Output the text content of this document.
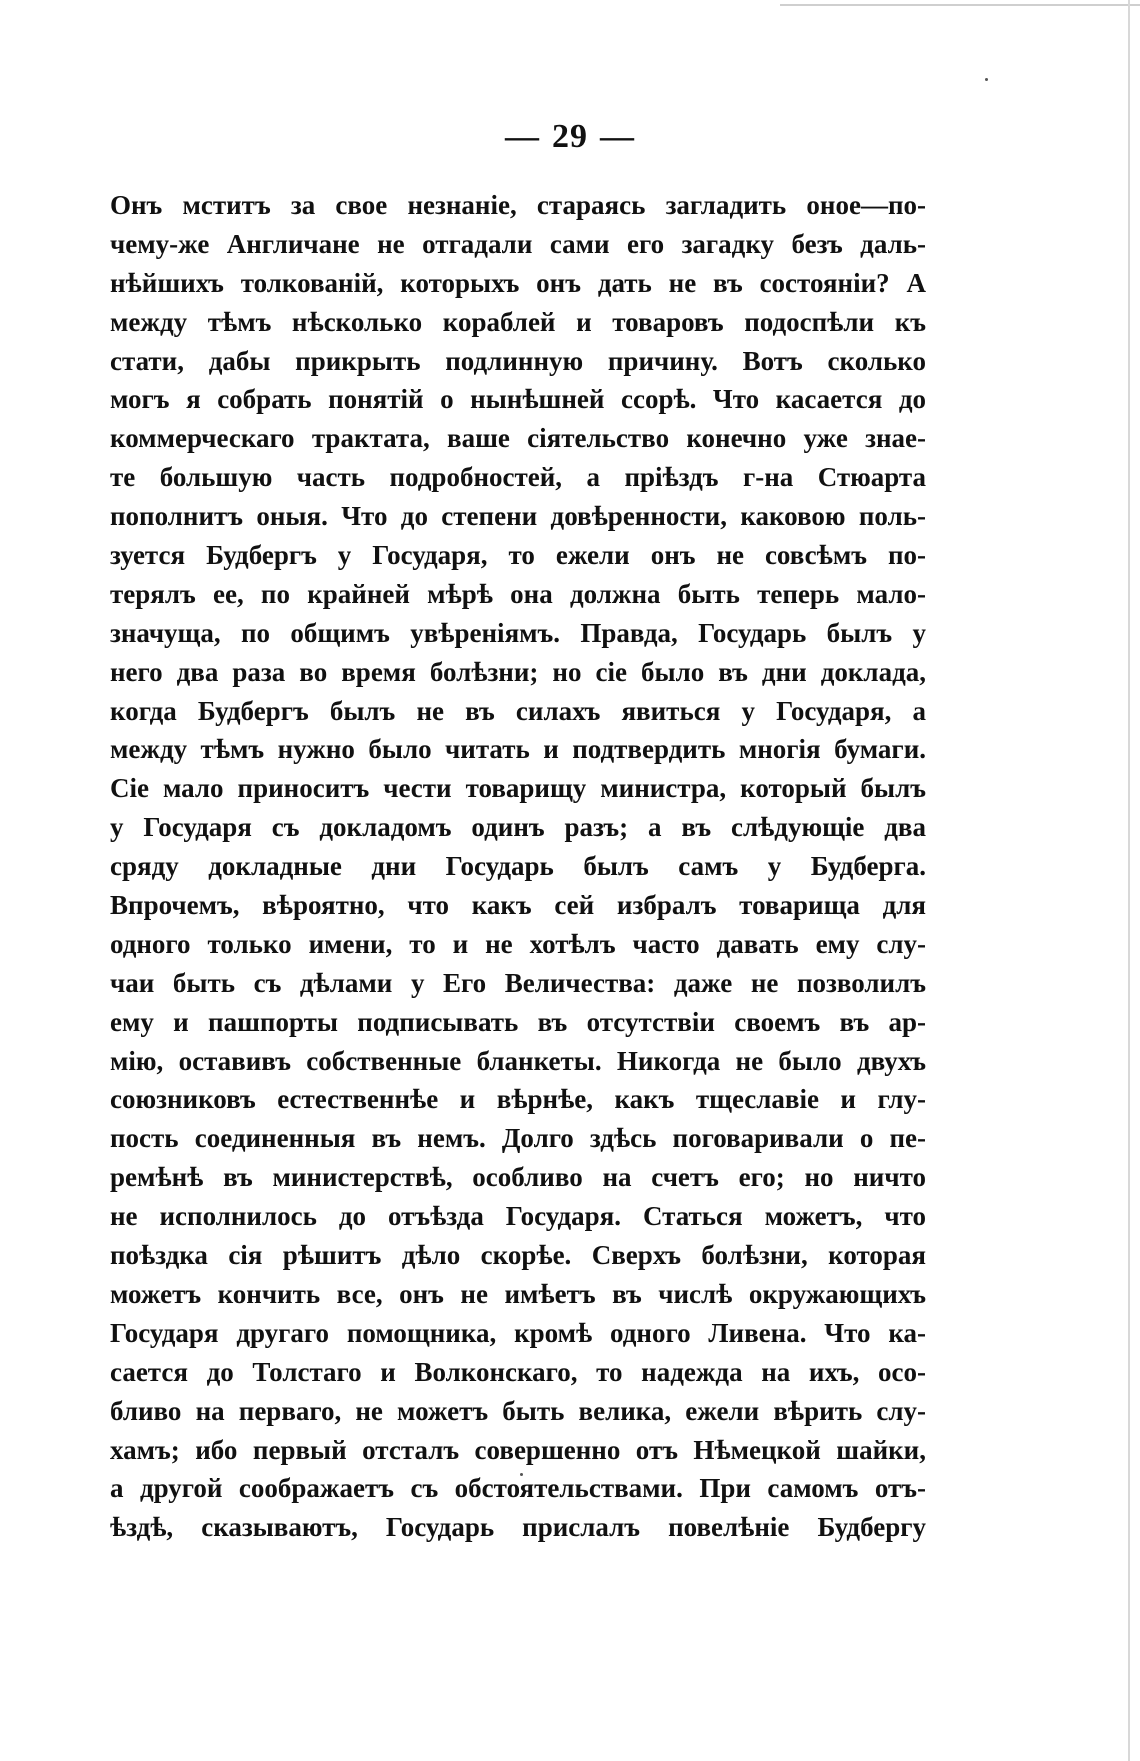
— 29 —
Онъ мститъ за свое незнаніе, стараясь загладить оное—по-
чему-же Англичане не отгадали сами его загадку безъ даль-
нѣйшихъ толкованій, которыхъ онъ дать не въ состояніи? А
между тѣмъ нѣсколько кораблей и товаровъ подоспѣли къ
стати, дабы прикрыть подлинную причину. Вотъ сколько
могъ я собрать понятій о нынѣшней ссорѣ. Что касается до
коммерческаго трактата, ваше сіятельство конечно уже знае-
те большую часть подробностей, а пріѣздъ г-на Стюарта
пополнитъ оныя. Что до степени довѣренности, каковою поль-
зуется Будбергъ у Государя, то ежели онъ не совсѣмъ по-
терялъ ее, по крайней мѣрѣ она должна быть теперь мало-
значуща, по общимъ увѣреніямъ. Правда, Государь былъ у
него два раза во время болѣзни; но сіе было въ дни доклада,
когда Будбергъ былъ не въ силахъ явиться у Государя, а
между тѣмъ нужно было читать и подтвердить многія бумаги.
Сіе мало приноситъ чести товарищу министра, который былъ
у Государя съ докладомъ одинъ разъ; а въ слѣдующіе два
сряду докладные дни Государь былъ самъ у Будберга.
Впрочемъ, вѣроятно, что какъ сей избралъ товарища для
одного только имени, то и не хотѣлъ часто давать ему слу-
чаи быть съ дѣлами у Его Величества: даже не позволилъ
ему и пашпорты подписывать въ отсутствіи своемъ въ ар-
мію, оставивъ собственные бланкеты. Никогда не было двухъ
союзниковъ естественнѣе и вѣрнѣе, какъ тщеславіе и глу-
пость соединенныя въ немъ. Долго здѣсь поговаривали о пе-
ремѣнѣ въ министерствѣ, особливо на счетъ его; но ничто
не исполнилось до отъѣзда Государя. Статься можетъ, что
поѣздка сія рѣшитъ дѣло скорѣе. Сверхъ болѣзни, которая
можетъ кончить все, онъ не имѣетъ въ числѣ окружающихъ
Государя другаго помощника, кромѣ одного Ливена. Что ка-
сается до Толстаго и Волконскаго, то надежда на ихъ, осо-
бливо на перваго, не можетъ быть велика, ежели вѣрить слу-
хамъ; ибо первый отсталъ совершенно отъ Нѣмецкой шайки,
а другой соображаетъ съ обстоятельствами. При самомъ отъ-
ѣздѣ, сказываютъ, Государь прислалъ повелѣніе Будбергу
